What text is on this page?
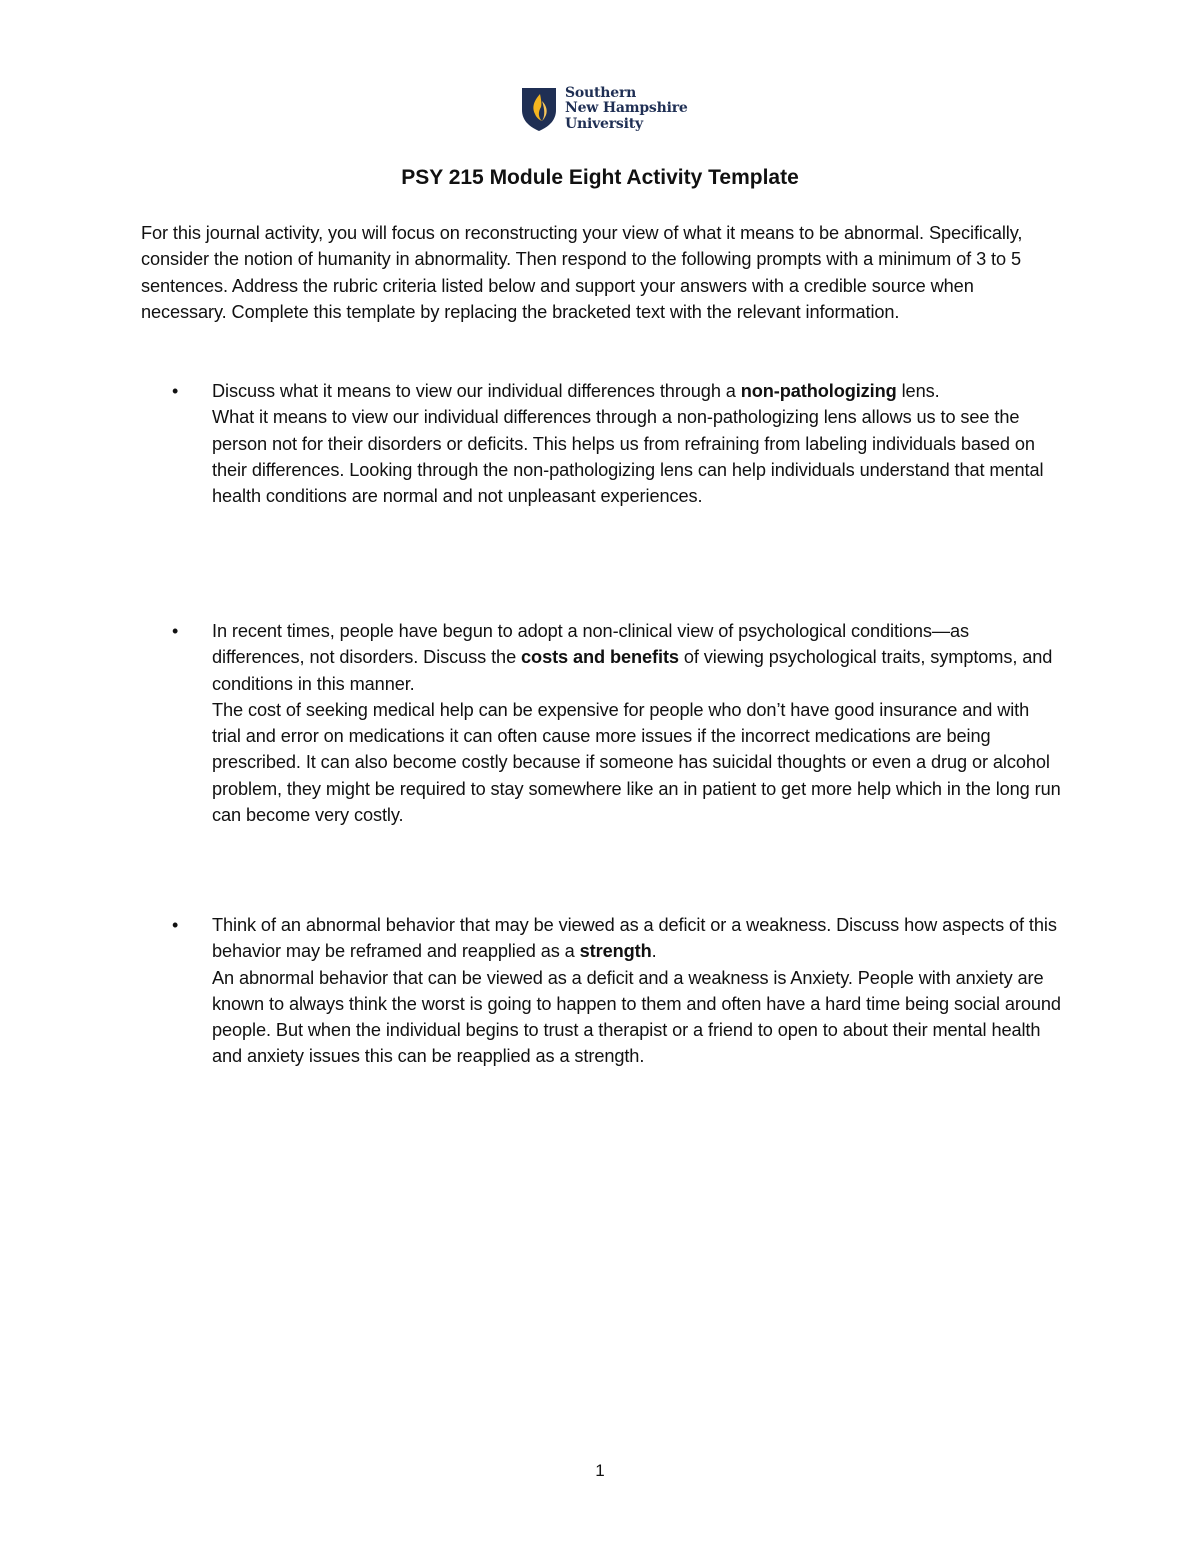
Southern
New Hampshire
University
PSY 215 Module Eight Activity Template

For this journal activity, you will focus on reconstructing your view of what it means to be abnormal. Specifically, consider the notion of humanity in abnormality. Then respond to the following prompts with a minimum of 3 to 5 sentences. Address the rubric criteria listed below and support your answers with a credible source when necessary. Complete this template by replacing the bracketed text with the relevant information.

• Discuss what it means to view our individual differences through a non-pathologizing lens.

What it means to view our individual differences through a non-pathologizing lens allows us to see the person not for their disorders or deficits. This helps us from refraining from labeling individuals based on their differences. Looking through the non-pathologizing lens can help individuals understand that mental health conditions are normal and not unpleasant experiences.

• In recent times, people have begun to adopt a non-clinical view of psychological conditions—as differences, not disorders. Discuss the costs and benefits of viewing psychological traits, symptoms, and conditions in this manner.

The cost of seeking medical help can be expensive for people who don’t have good insurance and with trial and error on medications it can often cause more issues if the incorrect medications are being prescribed. It can also become costly because if someone has suicidal thoughts or even a drug or alcohol problem, they might be required to stay somewhere like an in patient to get more help which in the long run can become very costly.

• Think of an abnormal behavior that may be viewed as a deficit or a weakness. Discuss how aspects of this behavior may be reframed and reapplied as a strength.

An abnormal behavior that can be viewed as a deficit and a weakness is Anxiety. People with anxiety are known to always think the worst is going to happen to them and often have a hard time being social around people. But when the individual begins to trust a therapist or a friend to open to about their mental health and anxiety issues this can be reapplied as a strength.

1
